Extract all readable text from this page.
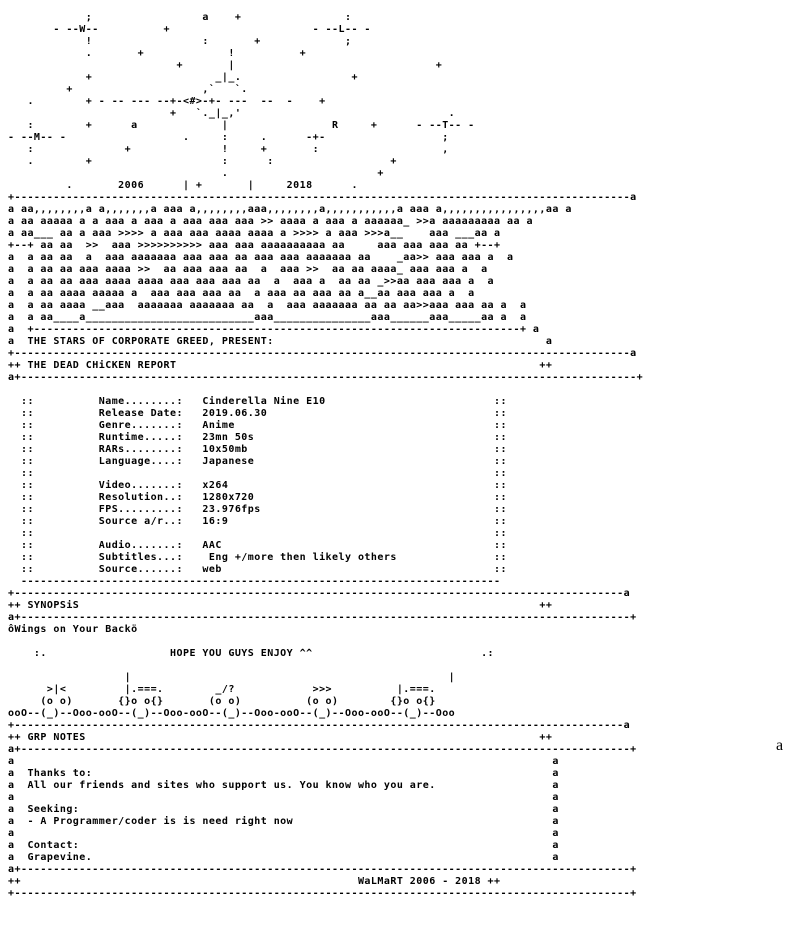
;                 a    +                :
- --W--          +                      - --L-- -
!                 :       +             ;
.       +             !          +
+       |                               +
+                   _|_.                 +
+                    ,`   `.
.        + - -- --- --+-<#>-+- ---  --  -    +
+   `._|_,'                                .
:        +      a             |                R     +      - --T-- -
- --M-- -                  .     :     .      -+-                  ;
:              +              !     +       :                   ,
.        +                    :      :                  +
.                       +
.       2006      | +       |     2018      .
+-----------------------------------------------------------------------------------------------a
a aa,,,,,,,,a a,,,,,,,a aaa a,,,,,,,,aaa,,,,,,,,a,,,,,,,,,,,a aaa a,,,,,,,,,,,,,,,,aa a
a aa aaaaa a a aaa a aaa a aaa aaa aaa >> aaaa a aaa a aaaaaa_ >>a aaaaaaaaa aa a
a aa___ aa a aaa >>>> a aaa aaa aaaa aaaa a >>>> a aaa >>>a__    aaa ___aa a
+--+ aa aa  >>  aaa >>>>>>>>>> aaa aaa aaaaaaaaaa aa     aaa aaa aaa aa +--+
a  a aa aa  a  aaa aaaaaaa aaa aaa aa aaa aaa aaaaaaa aa    _aa>> aaa aaa a  a
a  a aa aa aaa aaaa >>  aa aaa aaa aa  a  aaa >>  aa aa aaaa_ aaa aaa a  a
a  a aa aa aaa aaaa aaaa aaa aaa aaa aa  a  aaa a  aa aa _>>aa aaa aaa a  a
a  a aa aaaa aaaaa a  aaa aaa aaa aa  a aaa aa aaa aa a__aa aaa aaa a  a
a  a aa aaaa __aaa  aaaaaaa aaaaaaa aa  a  aaa aaaaaaa aa aa aa>>aaa aaa aa a  a
a  a aa____a__________________________aaa_______________aaa______aaa_____aa a  a
a  +---------------------------------------------------------------------------+ a
a  THE STARS OF CORPORATE GREED, PRESENT:                                          a
+-----------------------------------------------------------------------------------------------a
++ THE DEAD CHiCKEN REPORT                                                        ++
a+-----------------------------------------------------------------------------------------------+
::          Name........:   Cinderella Nine E10                          ::
::          Release Date:   2019.06.30                                   ::
::          Genre.......:   Anime                                        ::
::          Runtime.....:   23mn 50s                                     ::
::          RARs........:   10x50mb                                      ::
::          Language....:   Japanese                                     ::
::                                                                       ::
::          Video.......:   x264                                         ::
::          Resolution..:   1280x720                                     ::
::          FPS.........:   23.976fps                                    ::
::          Source a/r..:   16:9                                         ::
::                                                                       ::
::          Audio.......:   AAC                                          ::
::          Subtitles...:    Eng +/more then likely others               ::
::          Source......:   web                                          ::
--------------------------------------------------------------------------
+----------------------------------------------------------------------------------------------a
++ SYNOPSiS                                                                       ++
a+----------------------------------------------------------------------------------------------+
ôWings on Your Backö
:.                   HOPE YOU GUYS ENJOY ^^                          .:
|                                                 |
>|<         |.===.        _/?            >>>          |.===.
(o o)       {}o o{}       (o o)          (o o)        {}o o{}
ooO--(_)--Ooo-ooO--(_)--Ooo-ooO--(_)--Ooo-ooO--(_)--Ooo-ooO--(_)--Ooo
+----------------------------------------------------------------------------------------------a
++ GRP NOTES                                                                      ++
a+----------------------------------------------------------------------------------------------+
a                                                                                   a
a  Thanks to:                                                                       a
a  All our friends and sites who support us. You know who you are.                  a
a                                                                                   a
a  Seeking:                                                                         a
a  - A Programmer/coder is is need right now                                        a
a                                                                                   a
a  Contact:                                                                         a
a  Grapevine.                                                                       a
a+----------------------------------------------------------------------------------------------+
++                                                    WaLMaRT 2006 - 2018 ++
+-----------------------------------------------------------------------------------------------+
a
